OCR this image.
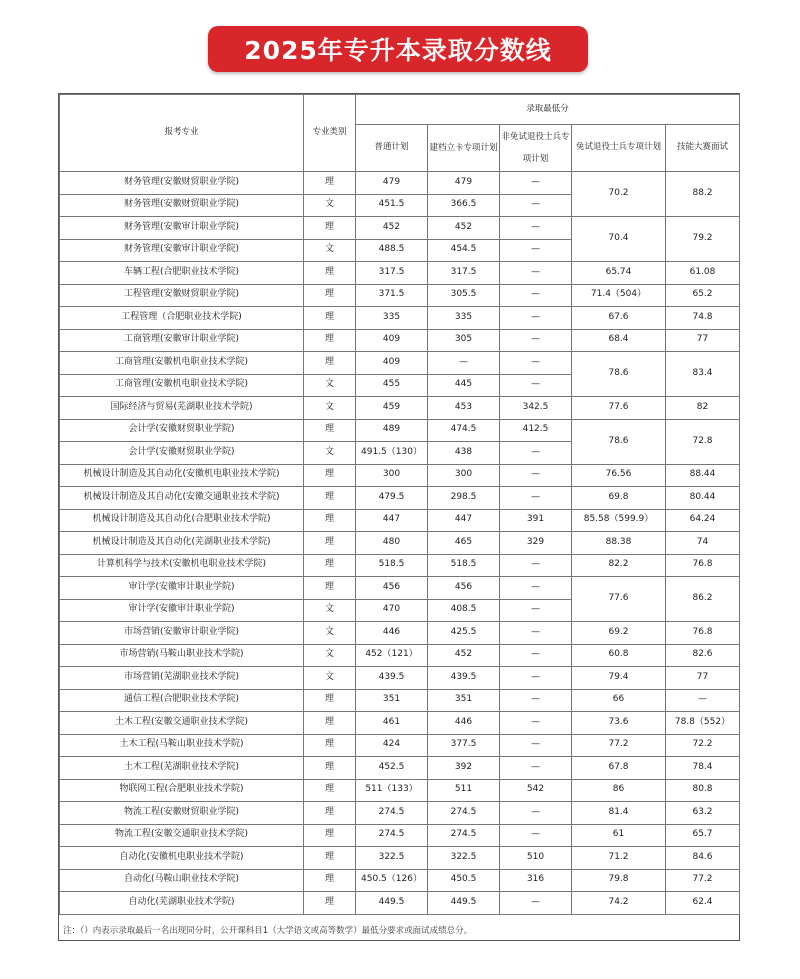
2025年专升本录取分数线
报考专业	专业类别	录取最低分				
		普通计划	建档立卡专项计划	非免试退役士兵专项计划	免试退役士兵专项计划	技能大赛面试
财务管理(安徽财贸职业学院)	理	479	479	—	70.2	88.2
财务管理(安徽财贸职业学院)	文	451.5	366.5	—		
财务管理(安徽审计职业学院)	理	452	452	—	70.4	79.2
财务管理(安徽审计职业学院)	文	488.5	454.5	—		
车辆工程(合肥职业技术学院)	理	317.5	317.5	—	65.74	61.08
工程管理(安徽财贸职业学院)	理	371.5	305.5	—	71.4（504）	65.2
工程管理（合肥职业技术学院)	理	335	335	—	67.6	74.8
工商管理(安徽审计职业学院)	理	409	305	—	68.4	77
工商管理(安徽机电职业技术学院)	理	409	—	—	78.6	83.4
工商管理(安徽机电职业技术学院)	文	455	445	—		
国际经济与贸易(芜湖职业技术学院)	文	459	453	342.5	77.6	82
会计学(安徽财贸职业学院)	理	489	474.5	412.5	78.6	72.8
会计学(安徽财贸职业学院)	文	491.5（130）	438	—		
机械设计制造及其自动化(安徽机电职业技术学院)	理	300	300	—	76.56	88.44
机械设计制造及其自动化(安徽交通职业技术学院)	理	479.5	298.5	—	69.8	80.44
机械设计制造及其自动化(合肥职业技术学院)	理	447	447	391	85.58（599.9）	64.24
机械设计制造及其自动化(芜湖职业技术学院)	理	480	465	329	88.38	74
计算机科学与技术(安徽机电职业技术学院)	理	518.5	518.5	—	82.2	76.8
审计学(安徽审计职业学院)	理	456	456	—	77.6	86.2
审计学(安徽审计职业学院)	文	470	408.5	—		
市场营销(安徽审计职业学院)	文	446	425.5	—	69.2	76.8
市场营销(马鞍山职业技术学院)	文	452（121）	452	—	60.8	82.6
市场营销(芜湖职业技术学院)	文	439.5	439.5	—	79.4	77
通信工程(合肥职业技术学院)	理	351	351	—	66	—
土木工程(安徽交通职业技术学院)	理	461	446	—	73.6	78.8（552）
土木工程(马鞍山职业技术学院)	理	424	377.5	—	77.2	72.2
土木工程(芜湖职业技术学院)	理	452.5	392	—	67.8	78.4
物联网工程(合肥职业技术学院)	理	511（133）	511	542	86	80.8
物流工程(安徽财贸职业学院)	理	274.5	274.5	—	81.4	63.2
物流工程(安徽交通职业技术学院)	理	274.5	274.5	—	61	65.7
自动化(安徽机电职业技术学院)	理	322.5	322.5	510	71.2	84.6
自动化(马鞍山职业技术学院)	理	450.5（126）	450.5	316	79.8	77.2
自动化(芜湖职业技术学院)	理	449.5	449.5	—	74.2	62.4
注：（）内表示录取最后一名出现同分时，公开课科目1（大学语文或高等数学）最低分要求或面试成绩总分。
